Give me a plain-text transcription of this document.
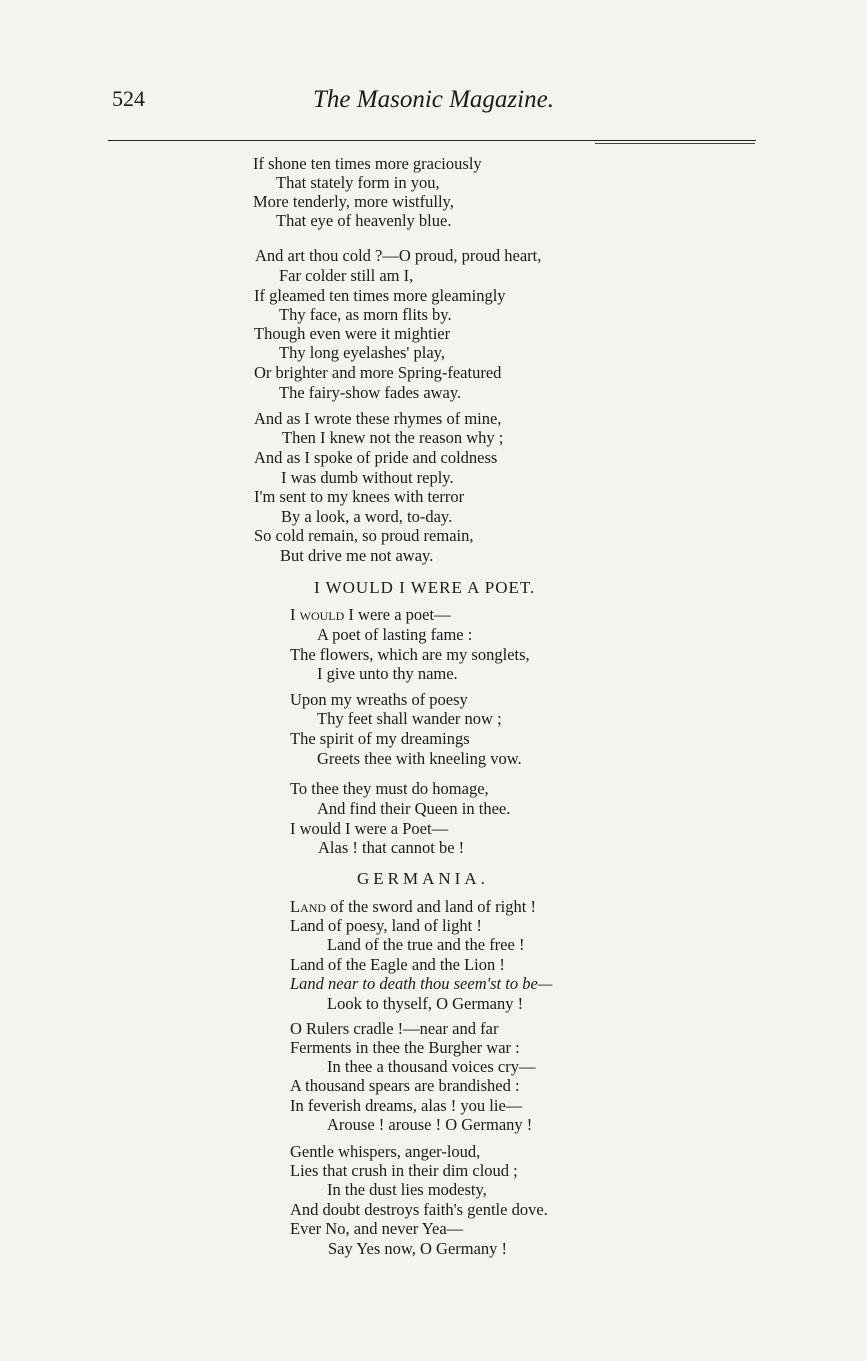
524	The Masonic Magazine.
If shone ten times more graciously
That stately form in you,
More tenderly, more wistfully,
That eye of heavenly blue.
And art thou cold ?—O proud, proud heart,
Far colder still am I,
If gleamed ten times more gleamingly
Thy face, as morn flits by.
Though even were it mightier
Thy long eyelashes' play,
Or brighter and more Spring-featured
The fairy-show fades away.
And as I wrote these rhymes of mine,
Then I knew not the reason why ;
And as I spoke of pride and coldness
I was dumb without reply.
I'm sent to my knees with terror
By a look, a word, to-day.
So cold remain, so proud remain,
But drive me not away.
I WOULD I WERE A POET.
I would I were a poet—
A poet of lasting fame :
The flowers, which are my songlets,
I give unto thy name.
Upon my wreaths of poesy
Thy feet shall wander now ;
The spirit of my dreamings
Greets thee with kneeling vow.
To thee they must do homage,
And find their Queen in thee.
I would I were a Poet—
Alas ! that cannot be !
GERMANIA.
Land of the sword and land of right !
Land of poesy, land of light !
Land of the true and the free !
Land of the Eagle and the Lion !
Land near to death thou seem'st to be—
Look to thyself, O Germany !
O Rulers cradle !—near and far
Ferments in thee the Burgher war :
In thee a thousand voices cry—
A thousand spears are brandished :
In feverish dreams, alas ! you lie—
Arouse ! arouse ! O Germany !
Gentle whispers, anger-loud,
Lies that crush in their dim cloud ;
In the dust lies modesty,
And doubt destroys faith's gentle dove.
Ever No, and never Yea—
Say Yes now, O Germany !
